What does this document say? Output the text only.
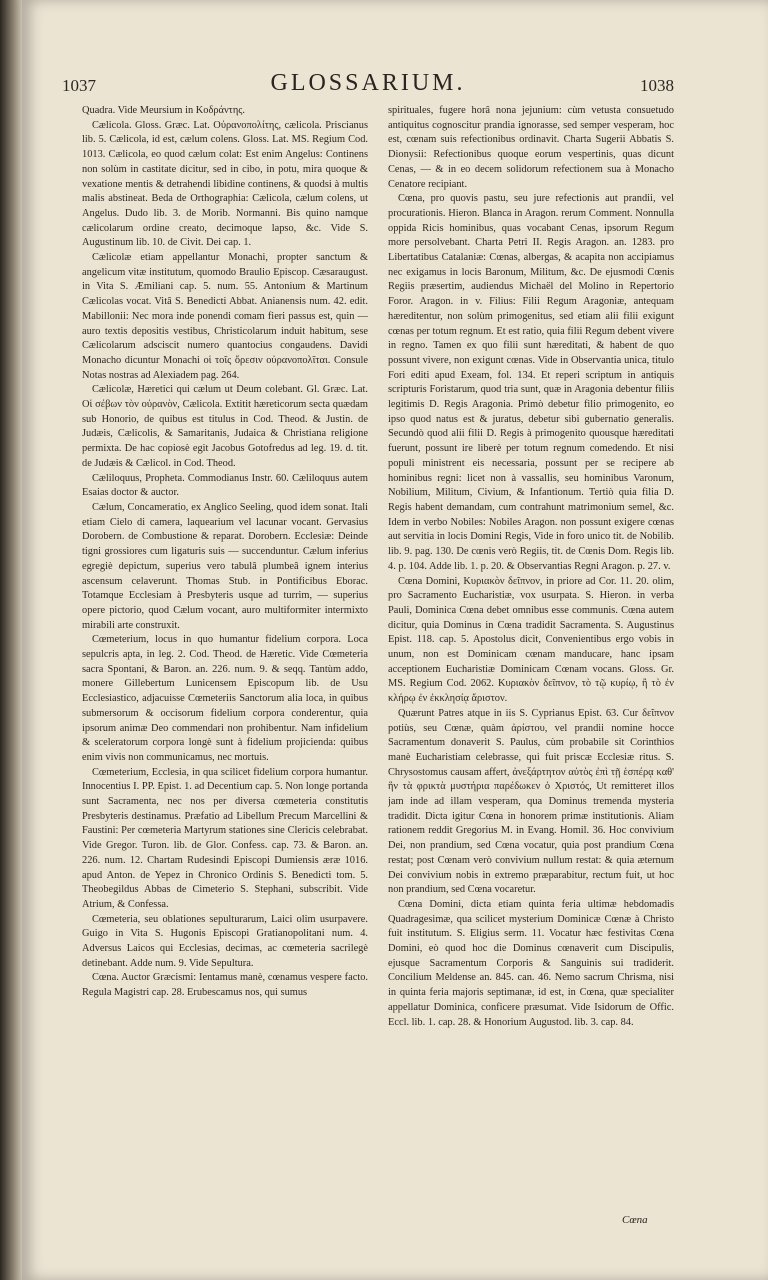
1037	GLOSSARIUM.	1038

Quadra. Vide Meursium in Κοδράντης.

Cælicola. Gloss. Græc. Lat. Οὐρανοπολίτης, cælicola. Priscianus lib. 5. Cælicola, id est, cælum colens. Gloss. Lat. MS. Regium Cod. 1013. Cælicola, eo quod cælum colat: Est enim Angelus: Continens non solùm in castitate dicitur, sed in cibo, in potu, mira quoque & vexatione mentis & detrahendi libidine continens, & quodsi à multis malis abstineat. Beda de Orthographia: Cælicola, cælum colens, ut Angelus. Dudo lib. 3. de Morib. Normanni. Bis quino namque cælicolarum ordine creato, decimoque lapso, &c. Vide S. Augustinum lib. 10. de Civit. Dei cap. 1.

Cælicolæ etiam appellantur Monachi, propter sanctum & angelicum vitæ institutum, quomodo Braulio Episcop. Cæsaraugust. in Vita S. Æmiliani cap. 5. num. 55. Antonium & Martinum Cælicolas vocat. Vitâ S. Benedicti Abbat. Anianensis num. 42. edit. Mabillonii: Nec mora inde ponendi comam fieri passus est, quin — auro textis depositis vestibus, Christicolarum induit habitum, sese Cælicolarum adsciscit numero quantocius congaudens. Davidi Monacho dicuntur Monachi οἱ τοῖς ὄρεσιν οὐρανοπολῖται. Consule Notas nostras ad Alexiadem pag. 264.

Cælicolæ, Hæretici qui cælum ut Deum colebant. Gl. Græc. Lat. Οἱ σέβων τὸν οὐρανὸν, Cælicola. Extitit hæreticorum secta quædam sub Honorio, de quibus est titulus in Cod. Theod. & Justin. de Judæis, Cælicolis, & Samaritanis, Judaica & Christiana religione permixta. De hac copiosè egit Jacobus Gotofredus ad leg. 19. d. tit. de Judæis & Cælicol. in Cod. Theod.

Cæliloquus, Propheta. Commodianus Instr. 60. Cæliloquus autem Esaias doctor & auctor.

Cælum, Concameratio, ex Anglico Seeling, quod idem sonat. Itali etiam Cielo di camera, laquearium vel lacunar vocant. Gervasius Dorobern. de Combustione & reparat. Dorobern. Ecclesiæ: Deinde tigni grossiores cum ligaturis suis — succenduntur. Cælum inferius egregiè depictum, superius vero tabulâ plumbeâ ignem interius ascensum celaverunt. Thomas Stub. in Pontificibus Eborac. Totamque Ecclesiam à Presbyteris usque ad turrim, — superius opere pictorio, quod Cælum vocant, auro multiformiter intermixto mirabili arte construxit.

Cœmeterium, locus in quo humantur fidelium corpora. Loca sepulcris apta, in leg. 2. Cod. Theod. de Hæretic. Vide Cœmeteria sacra Spontani, & Baron. an. 226. num. 9. & seqq. Tantùm addo, monere Gillebertum Lunicensem Episcopum lib. de Usu Ecclesiastico, adjacuisse Cœmeteriis Sanctorum alia loca, in quibus submersorum & occisorum fidelium corpora conderentur, quia ipsorum animæ Deo commendari non prohibentur. Nam infidelium & sceleratorum corpora longè sunt à fidelium projicienda: quibus enim vivis non communicamus, nec mortuis.

Cœmeterium, Ecclesia, in qua scilicet fidelium corpora humantur. Innocentius I. PP. Epist. 1. ad Decentium cap. 5. Non longe portanda sunt Sacramenta, nec nos per diversa cœmeteria constitutis Presbyteris destinamus. Præfatio ad Libellum Precum Marcellini & Faustini: Per cœmeteria Martyrum stationes sine Clericis celebrabat. Vide Gregor. Turon. lib. de Glor. Confess. cap. 73. & Baron. an. 226. num. 12. Chartam Rudesindi Episcopi Dumiensis æræ 1016. apud Anton. de Yepez in Chronico Ordinis S. Benedicti tom. 5. Theobegildus Abbas de Cimeterio S. Stephani, subscribit. Vide Atrium, & Confessa.

Cœmeteria, seu oblationes sepulturarum, Laici olim usurpavere. Guigo in Vita S. Hugonis Episcopi Gratianopolitani num. 4. Adversus Laicos qui Ecclesias, decimas, ac cœmeteria sacrilegè detinebant. Adde num. 9. Vide Sepultura.

Cœna. Auctor Græcismi: Ientamus manè, cœnamus vespere facto. Regula Magistri cap. 28. Erubescamus nos, qui sumus

spirituales, fugere horâ nona jejunium: cùm vetusta consuetudo antiquitus cognoscitur prandia ignorasse, sed semper vesperam, hoc est, cœnam suis refectionibus ordinavit. Charta Sugerii Abbatis S. Dionysii: Refectionibus quoque eorum vespertinis, quas dicunt Cenas, — & in eo decem solidorum refectionem sua à Monacho Cenatore recipiant.

Cœna, pro quovis pastu, seu jure refectionis aut prandii, vel procurationis. Hieron. Blanca in Aragon. rerum Comment. Nonnulla oppida Ricis hominibus, quas vocabant Cenas, ipsorum Regum more persolvebant. Charta Petri II. Regis Aragon. an. 1283. pro Libertatibus Catalaniæ: Cœnas, albergas, & acapita non accipiamus nec exigamus in locis Baronum, Militum, &c. De ejusmodi Cœnis Regiis præsertim, audiendus Michaël del Molino in Repertorio Foror. Aragon. in v. Filius: Filii Regum Aragoniæ, antequam hæreditentur, non solùm primogenitus, sed etiam alii filii exigunt cœnas per totum regnum. Et est ratio, quia filii Regum debent vivere in regno. Tamen ex quo filii sunt hæreditati, & habent de quo possunt vivere, non exigunt cœnas. Vide in Observantia unica, titulo Fori editi apud Exeam, fol. 134. Et reperi scriptum in antiquis scripturis Foristarum, quod tria sunt, quæ in Aragonia debentur filiis legitimis D. Regis Aragonia. Primò debetur filio primogenito, eo ipso quod natus est & juratus, debetur sibi gubernatio generalis. Secundò quod alii filii D. Regis à primogenito quousque hæreditati fuerunt, possunt ire liberè per totum regnum comedendo. Et nisi populi ministrent eis necessaria, possunt per se recipere ab hominibus regni: licet non à vassallis, seu hominibus Varonum, Nobilium, Militum, Civium, & Infantionum. Tertiò quia filia D. Regis habent demandam, cum contrahunt matrimonium semel, &c. Idem in verbo Nobiles: Nobiles Aragon. non possunt exigere cœnas aut servitia in locis Domini Regis, Vide in foro unico tit. de Nobilib. lib. 9. pag. 130. De cœnis verò Regiis, tit. de Cœnis Dom. Regis lib. 4. p. 104. Adde lib. 1. p. 20. & Observantias Regni Aragon. p. 27. v.

Cœna Domini, Κυριακὸν δεῖπνον, in priore ad Cor. 11. 20. olim, pro Sacramento Eucharistiæ, vox usurpata. S. Hieron. in verba Pauli, Dominica Cœna debet omnibus esse communis. Cœna autem dicitur, quia Dominus in Cœna tradidit Sacramenta. S. Augustinus Epist. 118. cap. 5. Apostolus dicit, Convenientibus ergo vobis in unum, non est Dominicam cœnam manducare, hanc ipsam acceptionem Eucharistiæ Dominicam Cœnam vocans. Gloss. Gr. MS. Regium Cod. 2062. Κυριακὸν δεῖπνον, τὸ τῷ κυρίῳ, ἢ τὸ ἐν κλήρῳ ἐν ἐκκλησίᾳ ἄριστον.

Quærunt Patres atque in iis S. Cyprianus Epist. 63. Cur δεῖπνον potiùs, seu Cœnæ, quàm ἀρίστου, vel prandii nomine hocce Sacramentum donaverit S. Paulus, cùm probabile sit Corinthios manè Eucharistiam celebrasse, qui fuit priscæ Ecclesiæ ritus. S. Chrysostomus causam affert, ἀνεξάρτητον αὐτὸς ἐπὶ τῇ ἑσπέρᾳ καθ' ἣν τὰ φρικτὰ μυστήρια παρέδωκεν ὁ Χριστός, Ut remitteret illos jam inde ad illam vesperam, qua Dominus tremenda mysteria tradidit. Dicta igitur Cœna in honorem primæ institutionis. Aliam rationem reddit Gregorius M. in Evang. Homil. 36. Hoc convivium Dei, non prandium, sed Cœna vocatur, quia post prandium Cœna restat; post Cœnam verò convivium nullum restat: & quia æternum Dei convivium nobis in extremo præparabitur, rectum fuit, ut hoc non prandium, sed Cœna vocaretur.

Cœna Domini, dicta etiam quinta feria ultimæ hebdomadis Quadragesimæ, qua scilicet mysterium Dominicæ Cœnæ à Christo fuit institutum. S. Eligius serm. 11. Vocatur hæc festivitas Cœna Domini, eò quod hoc die Dominus cœnaverit cum Discipulis, ejusque Sacramentum Corporis & Sanguinis sui tradiderit. Concilium Meldense an. 845. can. 46. Nemo sacrum Chrisma, nisi in quinta feria majoris septimanæ, id est, in Cœna, quæ specialiter appellatur Dominica, conficere præsumat. Vide Isidorum de Offic. Eccl. lib. 1. cap. 28. & Honorium Augustod. lib. 3. cap. 84.

Cœna
